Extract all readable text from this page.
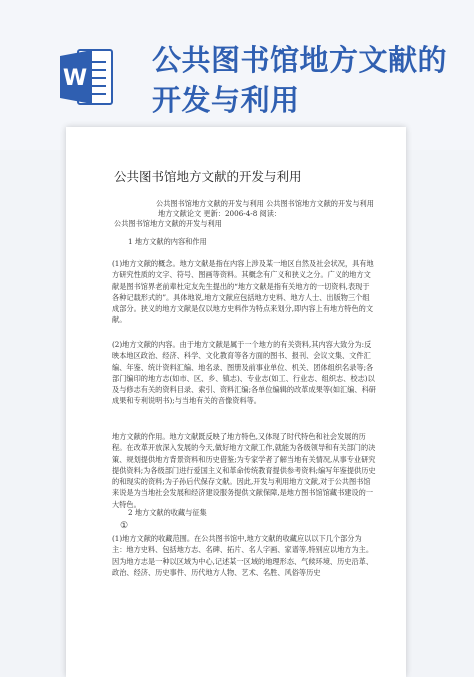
W
公共图书馆地方文献的
开发与利用
公共图书馆地方文献的开发与利用
公共图书馆地方文献的开发与利用 公共图书馆地方文献的开发与利用
地方文献论文 更新：2006-4-8 阅读：
公共图书馆地方文献的开发与利用
1 地方文献的内容和作用
(1)地方文献的概念。地方文献是指在内容上涉及某一地区自然及社会状况，具有地方研究性质的文字、符号、图画等资料。其概念有广义和狭义之分。广义的地方文献是图书馆界老前辈杜定友先生提出的“地方文献是指有关地方的一切资料,表现于各种记载形式的”。具体地说,地方文献应包括地方史料、地方人士、出版物三个组成部分。狭义的地方文献是仅以地方史料作为特点来划分,即内容上有地方特色的文献。
(2)地方文献的内容。由于地方文献是属于一个地方的有关资料,其内容大致分为:反映本地区政治、经济、科学、文化教育等各方面的图书、报刊、会议文集、文件汇编、年鉴、统计资料汇编、地名录、图册及前事业单位、机关、团体组织名录等;各部门编印的地方志(如市、区、乡、镇志)、专业志(如工、行业志、组织志、校志)以及与修志有关的资料目录、索引、资料汇编;各单位编辑的改革成果等(如汇编、科研成果和专利说明书);与当地有关的音像资料等。
地方文献的作用。地方文献既反映了地方特色,又体现了时代特色和社会发展的历程。在改革开放深入发展的今天,做好地方文献工作,就能为各级领导和有关部门的决策、规划提供地方背景资料和历史借鉴;为专家学者了解当地有关情况,从事专业研究提供资料;为各级部门进行爱国主义和革命传统教育提供参考资料;编写年鉴提供历史的和现实的资料;为子孙后代保存文献。因此,开发与利用地方文献,对于公共图书馆来说是为当地社会发展和经济建设服务提供文献保障,是地方图书馆馆藏书建设的一大特色。
2 地方文献的收藏与征集
①
(1)地方文献的收藏范围。在公共图书馆中,地方文献的收藏应以以下几个部分为主：地方史料、包括地方志、名碑、拓片、名人字画、家谱等,特别应以地方为主。因为地方志是一种以区域为中心,记述某一区域的地理形态、气候环境、历史沿革、政治、经济、历史事件、历代地方人物、艺术、名胜、风俗等历史
